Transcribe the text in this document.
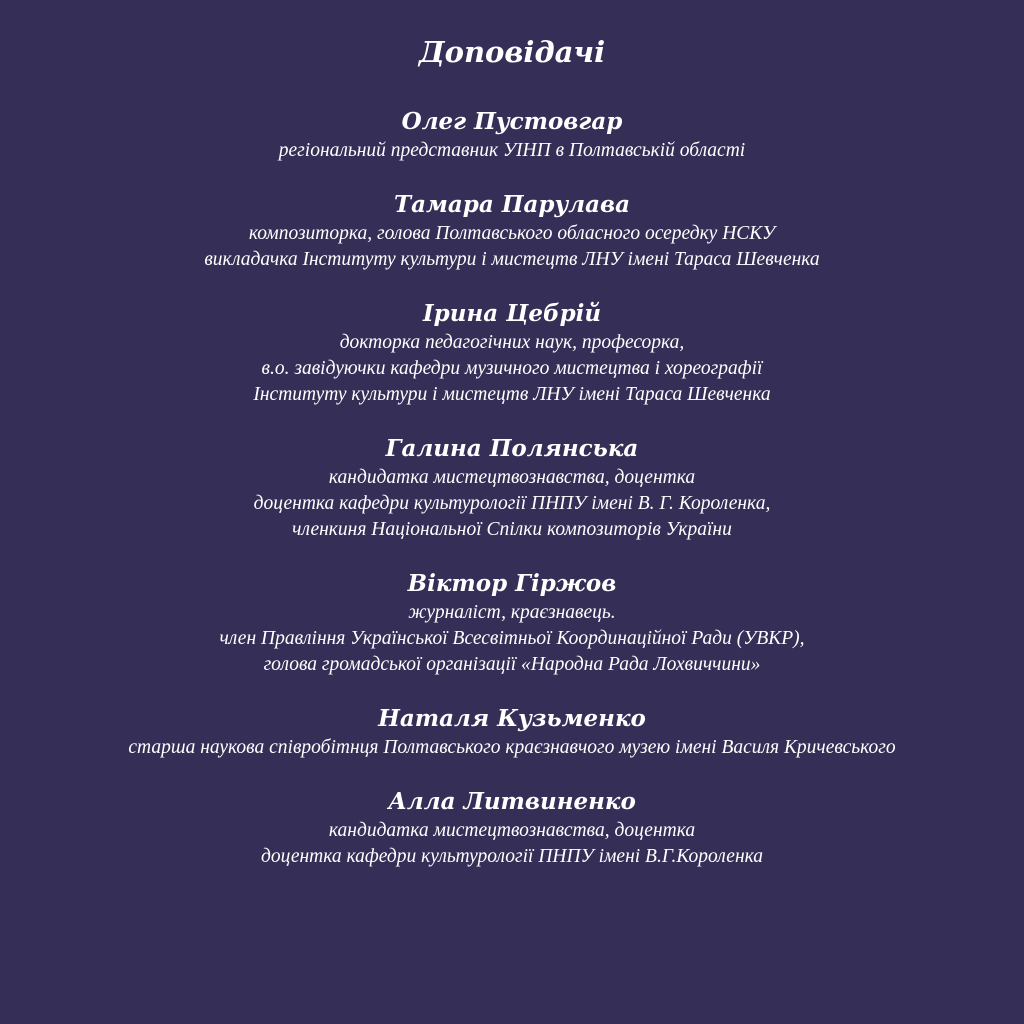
Доповідачі
Олег Пустовгар
регіональний представник УІНП в Полтавській області
Тамара Парулава
композиторка, голова Полтавського обласного осередку НСКУ
викладачка Інституту культури і мистецтв ЛНУ імені Тараса Шевченка
Ірина Цебрій
докторка педагогічних наук, професорка,
в.о. завідуючки кафедри музичного мистецтва і хореографії
Інституту культури і мистецтв ЛНУ імені Тараса Шевченка
Галина Полянська
кандидатка мистецтвознавства, доцентка
доцентка кафедри культурології ПНПУ імені В. Г. Короленка,
членкиня Національної Спілки композиторів України
Віктор Гіржов
журналіст, краєзнавець.
член Правління Української Всесвітньої Координаційної Ради (УВКР),
голова громадської організації «Народна Рада Лохвиччини»
Наталя Кузьменко
старша наукова співробітнця Полтавського краєзнавчого музею імені Василя Кричевського
Алла Литвиненко
кандидатка мистецтвознавства, доцентка
доцентка кафедри культурології ПНПУ імені В.Г.Короленка
